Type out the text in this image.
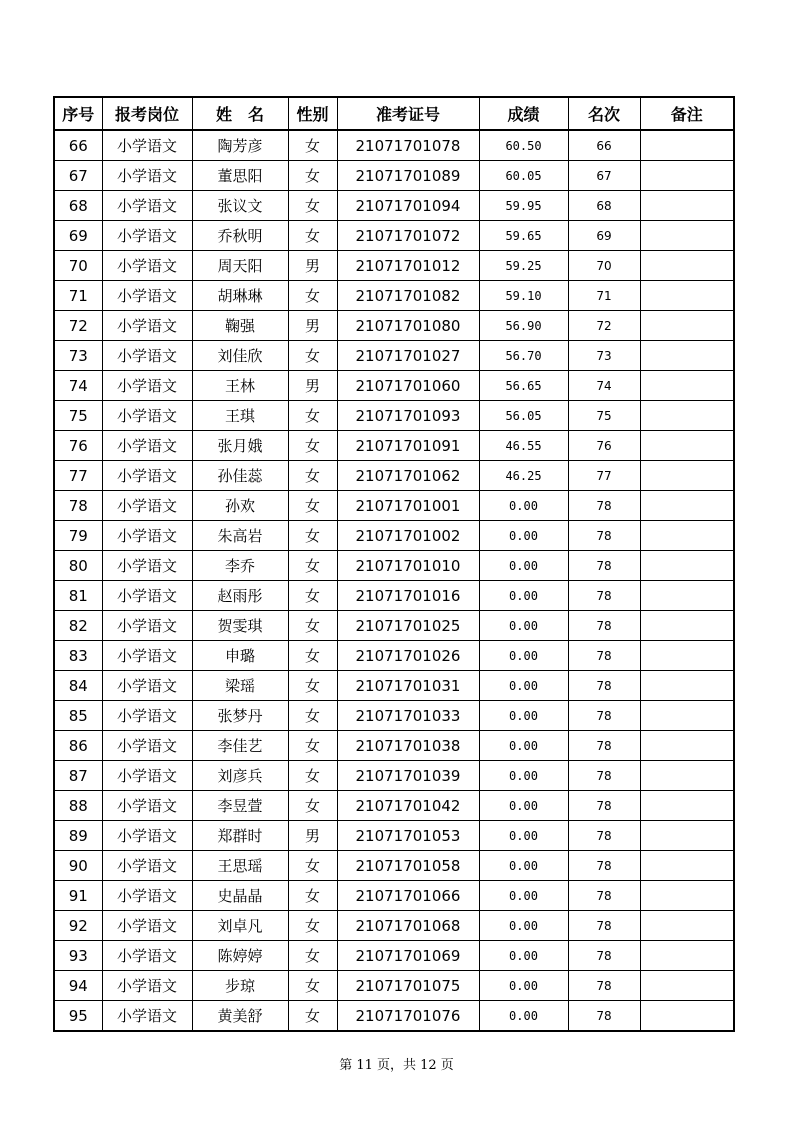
序号	报考岗位	姓　名	性别	准考证号	成绩	名次	备注
66	小学语文	陶芳彦	女	21071701078	60.50	66	
67	小学语文	董思阳	女	21071701089	60.05	67	
68	小学语文	张议文	女	21071701094	59.95	68	
69	小学语文	乔秋明	女	21071701072	59.65	69	
70	小学语文	周天阳	男	21071701012	59.25	70	
71	小学语文	胡琳琳	女	21071701082	59.10	71	
72	小学语文	鞠强	男	21071701080	56.90	72	
73	小学语文	刘佳欣	女	21071701027	56.70	73	
74	小学语文	王林	男	21071701060	56.65	74	
75	小学语文	王琪	女	21071701093	56.05	75	
76	小学语文	张月娥	女	21071701091	46.55	76	
77	小学语文	孙佳蕊	女	21071701062	46.25	77	
78	小学语文	孙欢	女	21071701001	0.00	78	
79	小学语文	朱高岩	女	21071701002	0.00	78	
80	小学语文	李乔	女	21071701010	0.00	78	
81	小学语文	赵雨彤	女	21071701016	0.00	78	
82	小学语文	贺雯琪	女	21071701025	0.00	78	
83	小学语文	申璐	女	21071701026	0.00	78	
84	小学语文	梁瑶	女	21071701031	0.00	78	
85	小学语文	张梦丹	女	21071701033	0.00	78	
86	小学语文	李佳艺	女	21071701038	0.00	78	
87	小学语文	刘彦兵	女	21071701039	0.00	78	
88	小学语文	李昱萱	女	21071701042	0.00	78	
89	小学语文	郑群时	男	21071701053	0.00	78	
90	小学语文	王思瑶	女	21071701058	0.00	78	
91	小学语文	史晶晶	女	21071701066	0.00	78	
92	小学语文	刘卓凡	女	21071701068	0.00	78	
93	小学语文	陈婷婷	女	21071701069	0.00	78	
94	小学语文	步琼	女	21071701075	0.00	78	
95	小学语文	黄美舒	女	21071701076	0.00	78	
第 11 页，共 12 页
